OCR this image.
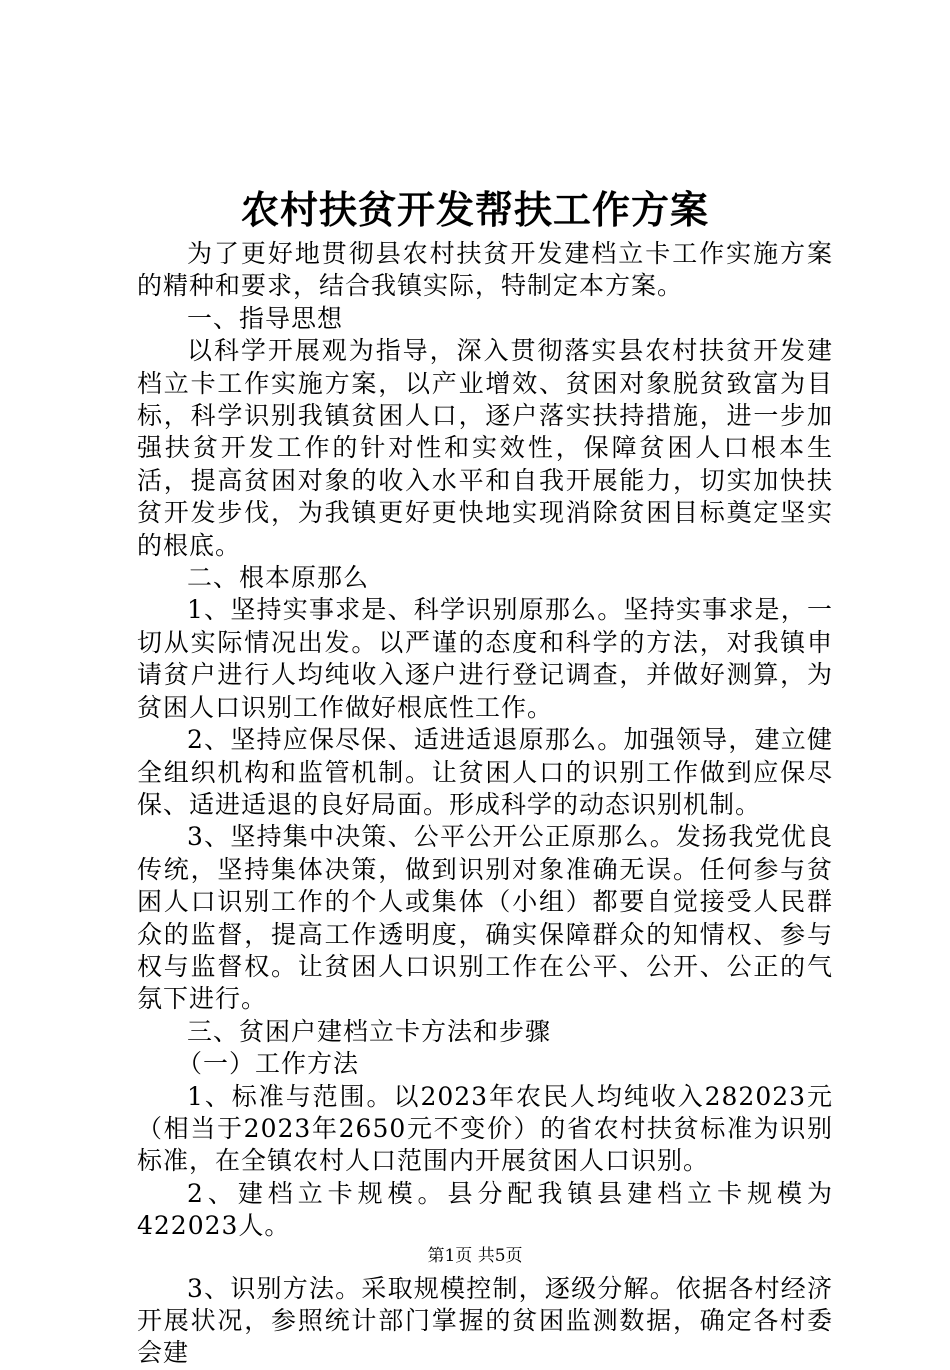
农村扶贫开发帮扶工作方案

为了更好地贯彻县农村扶贫开发建档立卡工作实施方案的精种和要求，结合我镇实际，特制定本方案。

一、指导思想

以科学开展观为指导，深入贯彻落实县农村扶贫开发建档立卡工作实施方案，以产业增效、贫困对象脱贫致富为目标，科学识别我镇贫困人口，逐户落实扶持措施，进一步加强扶贫开发工作的针对性和实效性，保障贫困人口根本生活，提高贫困对象的收入水平和自我开展能力，切实加快扶贫开发步伐，为我镇更好更快地实现消除贫困目标奠定坚实的根底。

二、根本原那么

1、坚持实事求是、科学识别原那么。坚持实事求是，一切从实际情况出发。以严谨的态度和科学的方法，对我镇申请贫户进行人均纯收入逐户进行登记调查，并做好测算，为贫困人口识别工作做好根底性工作。

2、坚持应保尽保、适进适退原那么。加强领导，建立健全组织机构和监管机制。让贫困人口的识别工作做到应保尽保、适进适退的良好局面。形成科学的动态识别机制。

3、坚持集中决策、公平公开公正原那么。发扬我党优良传统，坚持集体决策，做到识别对象准确无误。任何参与贫困人口识别工作的个人或集体（小组）都要自觉接受人民群众的监督，提高工作透明度，确实保障群众的知情权、参与权与监督权。让贫困人口识别工作在公平、公开、公正的气氛下进行。

三、贫困户建档立卡方法和步骤

（一）工作方法

1、标准与范围。以2023年农民人均纯收入282023元（相当于2023年2650元不变价）的省农村扶贫标准为识别标准，在全镇农村人口范围内开展贫困人口识别。

2、建档立卡规模。县分配我镇县建档立卡规模为422023人。

3、识别方法。采取规模控制，逐级分解。依据各村经济开展状况，参照统计部门掌握的贫困监测数据，确定各村委会建

第1页 共5页
